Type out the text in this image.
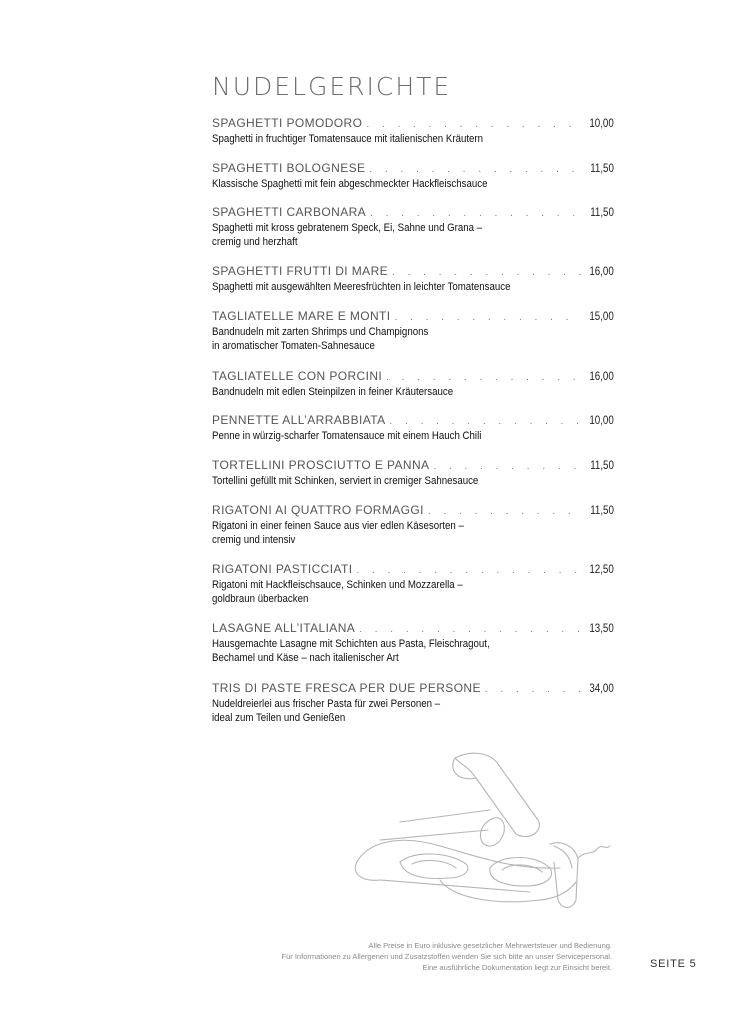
NUDELGERICHTE
SPAGHETTI POMODORO . . .	10,00
Spaghetti in fruchtiger Tomatensauce mit italienischen Kräutern
SPAGHETTI BOLOGNESE . . .	11,50
Klassische Spaghetti mit fein abgeschmeckter Hackfleischsauce
SPAGHETTI CARBONARA . . .	11,50
Spaghetti mit kross gebratenem Speck, Ei, Sahne und Grana –
cremig und herzhaft
SPAGHETTI FRUTTI DI MARE . . .	16,00
Spaghetti mit ausgewählten Meeresfrüchten in leichter Tomatensauce
TAGLIATELLE MARE E MONTI . . .	15,00
Bandnudeln mit zarten Shrimps und Champignons
in aromatischer Tomaten-Sahnesauce
TAGLIATELLE CON PORCINI . . .	16,00
Bandnudeln mit edlen Steinpilzen in feiner Kräutersauce
PENNETTE ALL’ARRABBIATA . . .	10,00
Penne in würzig-scharfer Tomatensauce mit einem Hauch Chili
TORTELLINI PROSCIUTTO E PANNA . . .	11,50
Tortellini gefüllt mit Schinken, serviert in cremiger Sahnesauce
RIGATONI AI QUATTRO FORMAGGI . . .	11,50
Rigatoni in einer feinen Sauce aus vier edlen Käsesorten –
cremig und intensiv
RIGATONI PASTICCIATI . . .	12,50
Rigatoni mit Hackfleischsauce, Schinken und Mozzarella –
goldbraun überbacken
LASAGNE ALL’ITALIANA . . .	13,50
Hausgemachte Lasagne mit Schichten aus Pasta, Fleischragout,
Bechamel und Käse – nach italienischer Art
TRIS DI PASTE FRESCA PER DUE PERSONE . . .	34,00
Nudeldreierlei aus frischer Pasta für zwei Personen –
ideal zum Teilen und Genießen
Alle Preise in Euro inklusive gesetzlicher Mehrwertsteuer und Bedienung.
Für Informationen zu Allergenen und Zusatzstoffen wenden Sie sich bitte an unser Servicepersonal.
Eine ausführliche Dokumentation liegt zur Einsicht bereit.	SEITE 5
